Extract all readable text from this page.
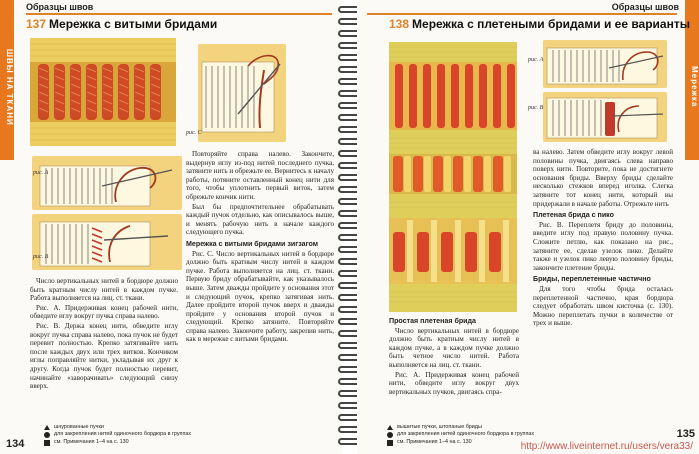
ШВЫ НА ТКАНИ
Образцы швов
137 Мережка с витыми бридами
рис. С
рис. А
рис. В

Число вертикальных нитей в бордюре должно быть кратным числу нитей в каждом пучке. Работа выполняется на лиц. ст. ткани.

Рис. А. Придерживая конец рабочей нити, обведите иглу вокруг пучка справа налево.

Рис. В. Держа конец нити, обведите иглу вокруг пучка справа налево, пока пучок не будет перевит полностью. Крепко затягивайте нить после каждых двух или трех витков. Кончиком иглы поправляйте нитки, укладывая их друг к другу. Когда пучок будет полностью перевит, начинайте «заворачивать» следующий снизу вверх.

Повторяйте справа налево. Закончите, выдернув иглу из-под нитей последнего пучка, затяните нить и обрежьте ее. Вернитесь к началу работы, потяните оставленный конец нити для того, чтобы уплотнить первый виток, затем обрежьте кончик нити.

Был бы предпочтительнее обрабатывать каждый пучок отдельно, как описывалось выше, и менять рабочую нить в начале каждого следующего пучка.

Мережка с витыми бридами зигзагом

Рис. С. Число вертикальных нитей в бордюре должно быть кратным числу нитей в каждом пучке. Работа выполняется на лиц. ст. ткани. Первую бриду обрабатывайте, как указывалось выше. Затем дважды пройдите у основания этот и следующий пучок, крепко затягивая нить. Далее пройдите второй пучок вверх и дважды пройдите у основания второй пучок и следующий. Крепко затяните. Повторяйте справа налево. Закончите работу, закрепив нить, как в мережке с витыми бридами.

шнурованные пучки
для закрепления нитей одиночного бордюра в группах
см. Примечания 1–4 на с. 130
134
Образцы швов
Мережка
138 Мережка с плетеными бридами и ее варианты
рис. А
рис. В

Простая плетеная брида

Число вертикальных нитей в бордюре должно быть кратным числу нитей в каждом пучке, а в каждом пучке должно быть четное число нитей. Работа выполняется на лиц. ст. ткани.

Рис. А. Придерживая конец рабочей нити, обведите иглу вокруг двух вертикальных пучков, двигаясь спра-

ва налево. Затем обведите иглу вокруг левой половины пучка, двигаясь слева направо поверх нити. Повторите, пока не достигнете основания бриды. Вверху бриды сделайте несколько стежков вперед иголка. Слегка затяните тот конец нити, который вы придержали в начале работы. Отрежьте нить

Плетеная брида с пико

Рис. В. Переплетя бриду до половины, введите иглу под правую половину пучка. Сложите петлю, как показано на рис., затяните ее, сделав узелок пико. Делайте также и узелок пико левую половину бриды, закончите плетение бриды.

Бриды, переплетенные частично

Для того чтобы брида осталась переплетенной частично, края бордюра следует обработать швом кисточка (с. 130). Можно переплетать пучки в количестве от трех и выше.

вышитые пучки, штопаные бриды
для закрепления нитей одиночного бордюра в группах
см. Примечания 1–4 на с. 130	http://www.liveinternet.ru/users/vera33/
135
